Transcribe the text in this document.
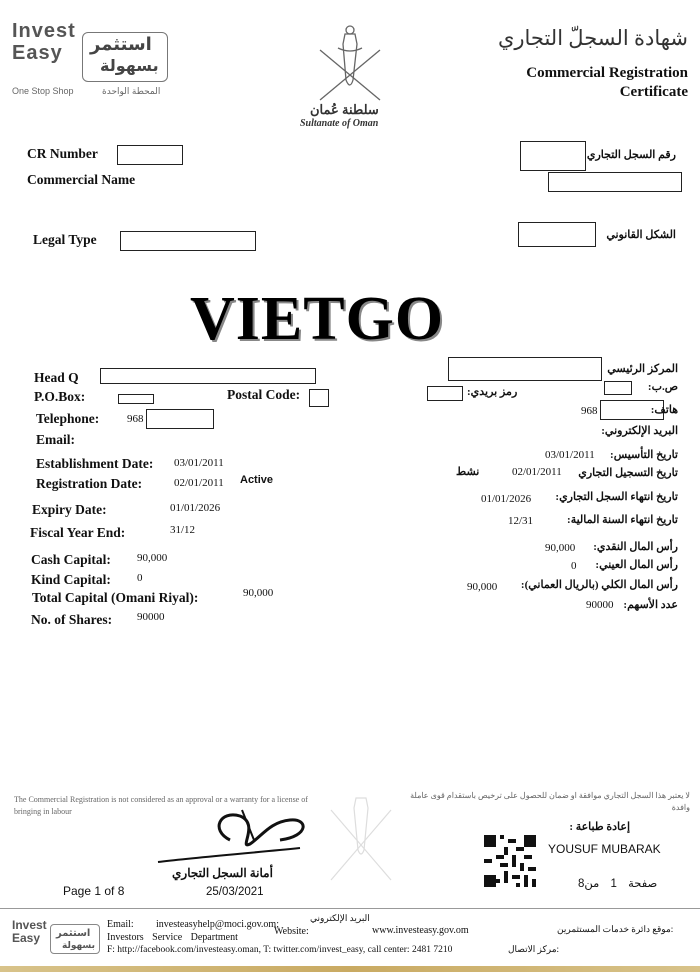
Invest
Easy استثمر
بسهولة
One Stop Shop	المحطة الواحدة
سلطنة عُمان
Sultanate of Oman
شهادة السجلّ التجاري
Commercial Registration
Certificate
CR Number	رقم السجل التجاري
Commercial Name
Legal Type	الشكل القانوني
VIETGO
Head Q
P.O.Box:	Postal Code:
Telephone:	968
Email:
Establishment Date: 03/01/2011
Registration Date:	02/01/2011 Active
Expiry Date:	01/01/2026
Fiscal Year End:	31/12
Cash Capital: 90,000
Kind Capital: 0
Total Capital (Omani Riyal):	90,000
No. of Shares: 90000
المركز الرئيسي
ص.ب:
رمز بريدي:
968	هاتف:
البريد الإلكتروني:
03/01/2011 تاريخ التأسيس:
نشط	02/01/2011 تاريخ التسجيل التجاري
01/01/2026 تاريخ انتهاء السجل التجاري:
12/31	تاريخ انتهاء السنة المالية:
90,000 رأس المال النقدي:
0 رأس المال العيني:
90,000 رأس المال الكلي (بالريال العماني):
90000 عدد الأسهم:
The Commercial Registration is not considered as an approval or a warranty for a license of bringing in labour
لا يعتبر هذا السجل التجاري موافقة او ضمان للحصول على ترخيص باستقدام قوى عاملة وافدة
إعادة طباعة :
YOUSUF MUBARAK
أمانة السجل التجاري
25/03/2021
Page 1 of 8	صفحة 1 من8
Invest
Easy استثمر
بسهولة
Email: investeasyhelp@moci.gov.om;
البريد الإلكتروني
www.investeasy.gov.om	موقع دائرة خدمات المستثمرين:
Investors Service Department
Website:
F: http://facebook.com/investeasy.oman, T: twitter.com/invest_easy, call center: 2481 7210	مركز الاتصال:
